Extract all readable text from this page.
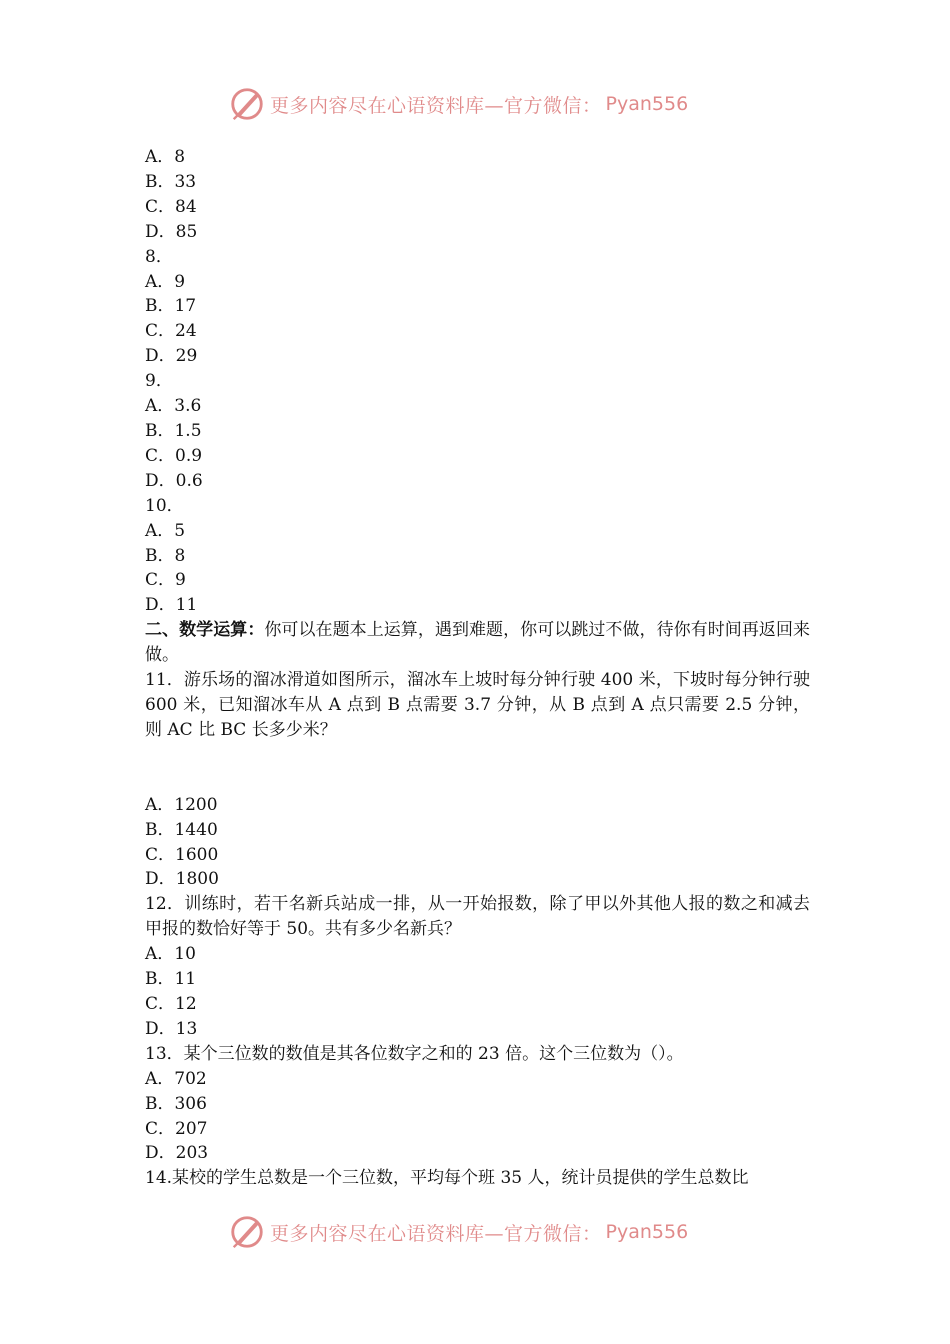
更多内容尽在心语资料库—官方微信： Pyan556
A．8
B．33
C．84
D．85
8．
A．9
B．17
C．24
D．29
9．
A．3.6
B．1.5
C．0.9
D．0.6
10．
A．5
B．8
C．9
D．11
二、数学运算：你可以在题本上运算，遇到难题，你可以跳过不做，待你有时间再返回来做。
11．游乐场的溜冰滑道如图所示，溜冰车上坡时每分钟行驶 400 米，下坡时每分钟行驶 600 米，已知溜冰车从 A 点到 B 点需要 3.7 分钟，从 B 点到 A 点只需要 2.5 分钟，则 AC 比 BC 长多少米？
A．1200
B．1440
C．1600
D．1800
12．训练时，若干名新兵站成一排，从一开始报数，除了甲以外其他人报的数之和减去甲报的数恰好等于 50。共有多少名新兵？
A．10
B．11
C．12
D．13
13．某个三位数的数值是其各位数字之和的 23 倍。这个三位数为（）。
A．702
B．306
C．207
D．203
14.某校的学生总数是一个三位数，平均每个班 35 人，统计员提供的学生总数比
更多内容尽在心语资料库—官方微信： Pyan556
